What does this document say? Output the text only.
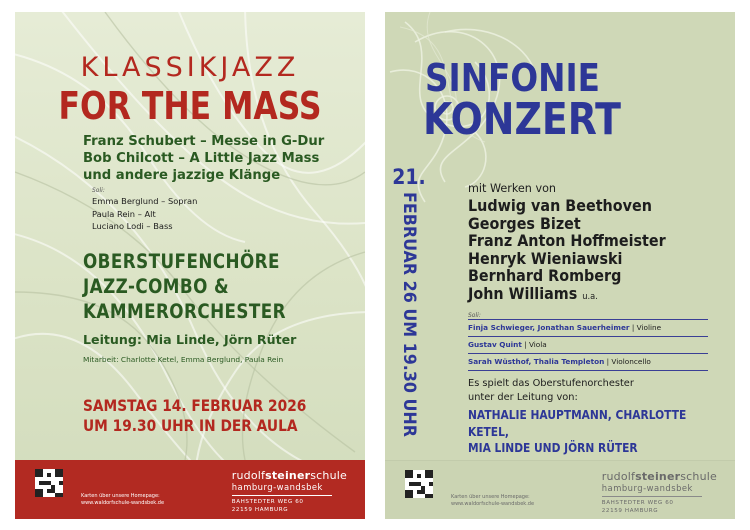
KLASSIKJAZZ
FOR THE MASS
Franz Schubert – Messe in G-Dur
Bob Chilcott – A Little Jazz Mass
und andere jazzige Klänge
Soli:
Emma Berglund – Sopran
Paula Rein – Alt
Luciano Lodi – Bass
OBERSTUFENCHÖRE
JAZZ-COMBO &
KAMMERORCHESTER
Leitung: Mia Linde, Jörn Rüter
Mitarbeit: Charlotte Ketel, Emma Berglund, Paula Rein
SAMSTAG 14. FEBRUAR 2026
UM 19.30 UHR IN DER AULA
Karten über unsere Homepage:
www.waldorfschule-wandsbek.de
rudolfsteinerschule
hamburg-wandsbek
BAHSTEDTER WEG 60
22159 HAMBURG
SINFONIE
KONZERT
21.
FEBRUAR 26 UM 19.30 UHR
mit Werken von
Ludwig van Beethoven
Georges Bizet
Franz Anton Hoffmeister
Henryk Wieniawski
Bernhard Romberg
John Williams u.a.
Soli:
Finja Schwieger, Jonathan Sauerheimer | Violine
Gustav Quint | Viola
Sarah Wüsthof, Thalia Templeton | Violoncello
Es spielt das Oberstufenorchester
unter der Leitung von:
NATHALIE HAUPTMANN, CHARLOTTE KETEL,
MIA LINDE UND JÖRN RÜTER
Karten über unsere Homepage:
www.waldorfschule-wandsbek.de
rudolfsteinerschule
hamburg-wandsbek
BAHSTEDTER WEG 60
22159 HAMBURG
